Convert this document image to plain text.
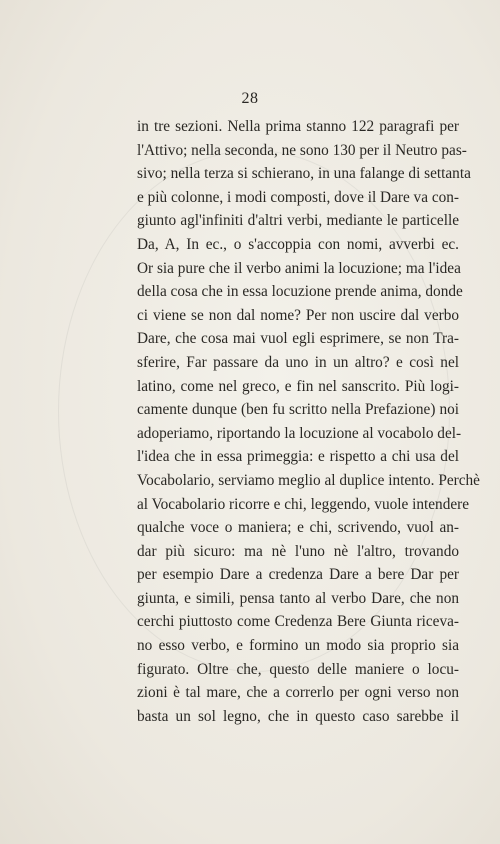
28
in tre sezioni. Nella prima stanno 122 paragrafi per
l'Attivo; nella seconda, ne sono 130 per il Neutro pas-
sivo; nella terza si schierano, in una falange di settanta
e più colonne, i modi composti, dove il Dare va con-
giunto agl'infiniti d'altri verbi, mediante le particelle
Da, A, In ec., o s'accoppia con nomi, avverbi ec.
Or sia pure che il verbo animi la locuzione; ma l'idea
della cosa che in essa locuzione prende anima, donde
ci viene se non dal nome? Per non uscire dal verbo
Dare, che cosa mai vuol egli esprimere, se non Tra-
sferire, Far passare da uno in un altro? e così nel
latino, come nel greco, e fin nel sanscrito. Più logi-
camente dunque (ben fu scritto nella Prefazione) noi
adoperiamo, riportando la locuzione al vocabolo del-
l'idea che in essa primeggia: e rispetto a chi usa del
Vocabolario, serviamo meglio al duplice intento. Perchè
al Vocabolario ricorre e chi, leggendo, vuole intendere
qualche voce o maniera; e chi, scrivendo, vuol an-
dar più sicuro: ma nè l'uno nè l'altro, trovando
per esempio Dare a credenza Dare a bere Dar per
giunta, e simili, pensa tanto al verbo Dare, che non
cerchi piuttosto come Credenza Bere Giunta riceva-
no esso verbo, e formino un modo sia proprio sia
figurato. Oltre che, questo delle maniere o locu-
zioni è tal mare, che a correrlo per ogni verso non
basta un sol legno, che in questo caso sarebbe il
